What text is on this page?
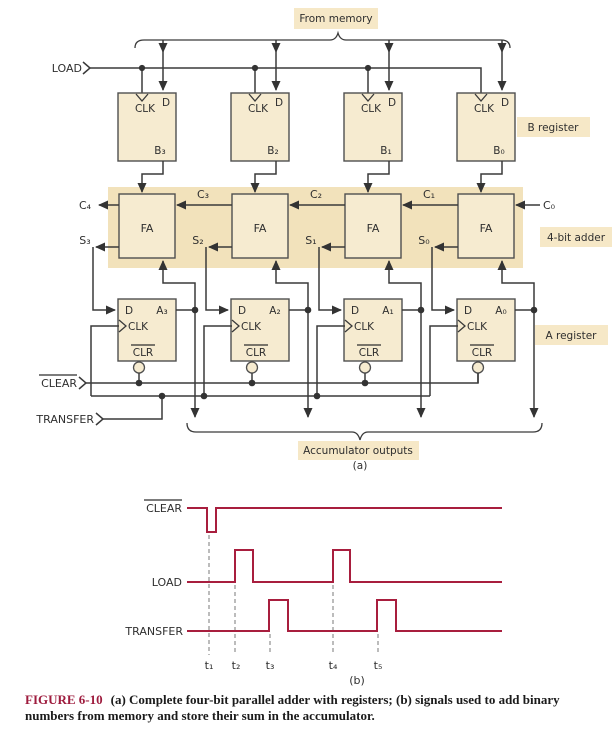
From memory
LOAD
CLK D
B₃
CLK D
B₂
CLK D
B₁
CLK D
B₀
FA	FA	FA	FA
C₄
C₃	C₂	C₁
C₀
S₃	S₂	S₁	S₀
D A₃
CLK
CLR
D A₂
CLK
CLR
D A₁
CLK
CLR
D A₀
CLK
CLR
CLEAR
TRANSFER
Accumulator outputs
(a)
B register
4-bit adder
A register
CLEAR
LOAD
TRANSFER
t₁ t₂ t₃	t₄	t₅
(b)
FIGURE 6-10 (a) Complete four-bit parallel adder with registers; (b) signals used to add binary numbers from memory and store their sum in the accumulator.
